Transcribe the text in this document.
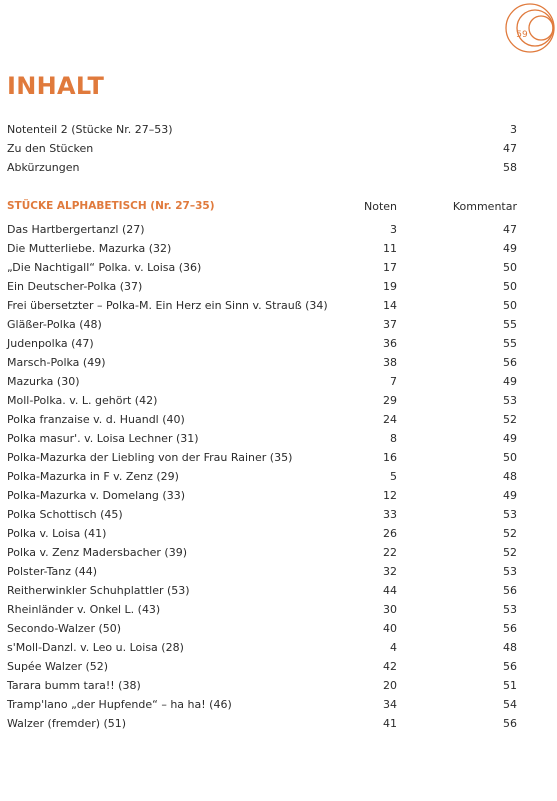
59
INHALT
Notenteil 2 (Stücke Nr. 27–53)	3
Zu den Stücken	47
Abkürzungen	58
STÜCKE ALPHABETISCH (Nr. 27–35)	Noten	Kommentar
Das Hartbergertanzl (27)	3	47
Die Mutterliebe. Mazurka (32)	11	49
„Die Nachtigall“ Polka. v. Loisa (36)	17	50
Ein Deutscher-Polka (37)	19	50
Frei übersetzter – Polka-M. Ein Herz ein Sinn v. Strauß (34)	14	50
Gläßer-Polka (48)	37	55
Judenpolka (47)	36	55
Marsch-Polka (49)	38	56
Mazurka (30)	7	49
Moll-Polka. v. L. gehört (42)	29	53
Polka franzaise v. d. Huandl (40)	24	52
Polka masur'. v. Loisa Lechner (31)	8	49
Polka-Mazurka der Liebling von der Frau Rainer (35)	16	50
Polka-Mazurka in F v. Zenz (29)	5	48
Polka-Mazurka v. Domelang (33)	12	49
Polka Schottisch (45)	33	53
Polka v. Loisa (41)	26	52
Polka v. Zenz Madersbacher (39)	22	52
Polster-Tanz (44)	32	53
Reitherwinkler Schuhplattler (53)	44	56
Rheinländer v. Onkel L. (43)	30	53
Secondo-Walzer (50)	40	56
s'Moll-Danzl. v. Leo u. Loisa (28)	4	48
Supée Walzer (52)	42	56
Tarara bumm tara!! (38)	20	51
Tramp'lano „der Hupfende“ – ha ha! (46)	34	54
Walzer (fremder) (51)	41	56
